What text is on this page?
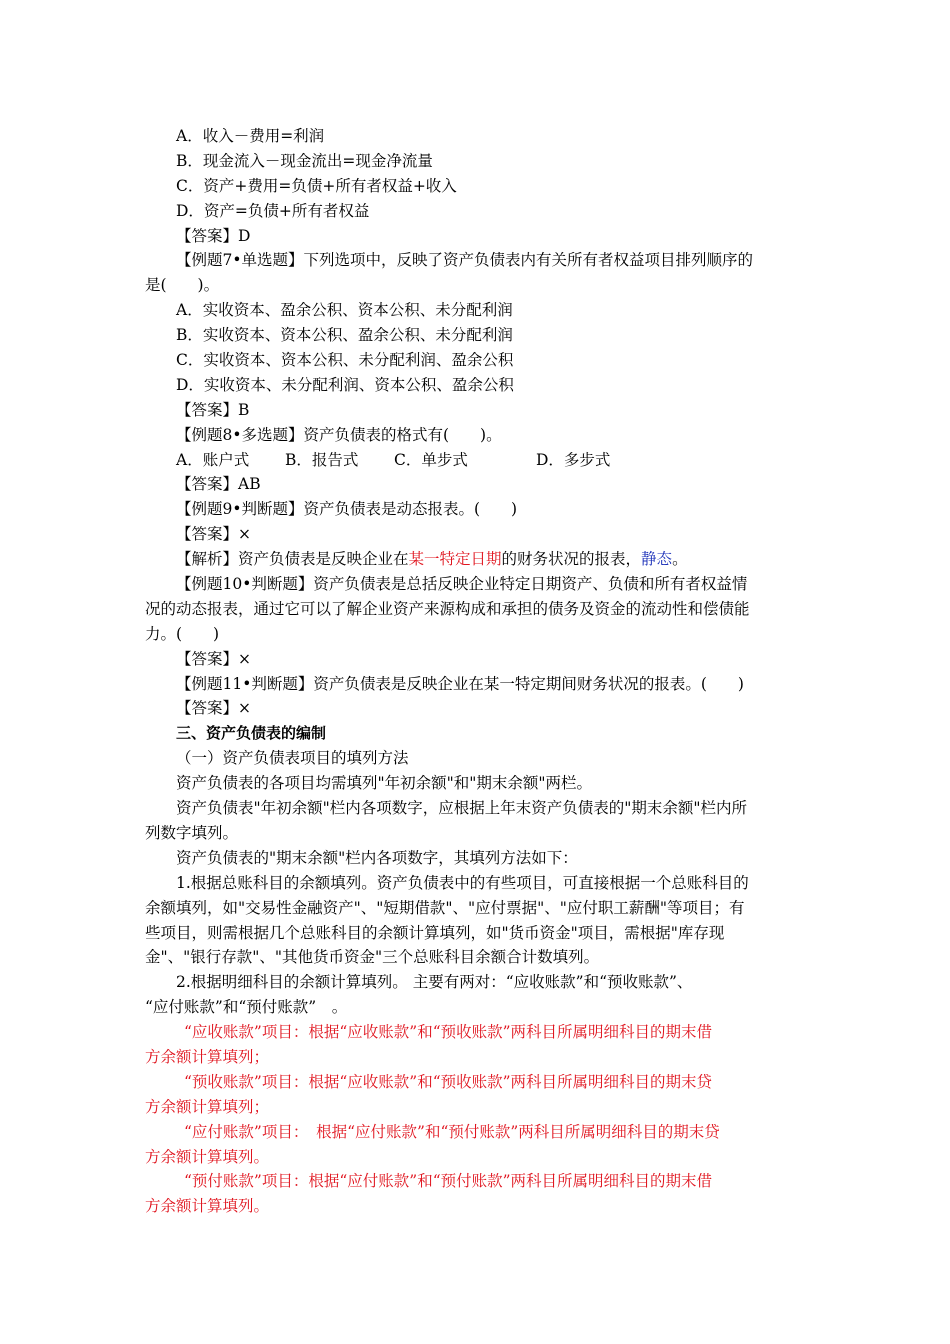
A．收入－费用=利润
B．现金流入－现金流出=现金净流量
C．资产+费用=负债+所有者权益+收入
D．资产=负债+所有者权益
【答案】D
【例题7•单选题】下列选项中，反映了资产负债表内有关所有者权益项目排列顺序的
是(　　)。
A．实收资本、盈余公积、资本公积、未分配利润
B．实收资本、资本公积、盈余公积、未分配利润
C．实收资本、资本公积、未分配利润、盈余公积
D．实收资本、未分配利润、资本公积、盈余公积
【答案】B
【例题8•多选题】资产负债表的格式有(　　)。
A．账户式 B．报告式 C．单步式	D．多步式
【答案】AB
【例题9•判断题】资产负债表是动态报表。(　　)
【答案】×
【解析】资产负债表是反映企业在某一特定日期的财务状况的报表，静态。
【例题10•判断题】资产负债表是总括反映企业特定日期资产、负债和所有者权益情
况的动态报表，通过它可以了解企业资产来源构成和承担的债务及资金的流动性和偿债能
力。(　　)
【答案】×
【例题11•判断题】资产负债表是反映企业在某一特定期间财务状况的报表。(　　)
【答案】×
三、资产负债表的编制
（一）资产负债表项目的填列方法
资产负债表的各项目均需填列"年初余额"和"期末余额"两栏。
资产负债表"年初余额"栏内各项数字，应根据上年末资产负债表的"期末余额"栏内所
列数字填列。
资产负债表的"期末余额"栏内各项数字，其填列方法如下：
1.根据总账科目的余额填列。资产负债表中的有些项目，可直接根据一个总账科目的
余额填列，如"交易性金融资产"、"短期借款"、"应付票据"、"应付职工薪酬"等项目；有
些项目，则需根据几个总账科目的余额计算填列，如"货币资金"项目，需根据"库存现
金"、"银行存款"、"其他货币资金"三个总账科目余额合计数填列。
2.根据明细科目的余额计算填列。 主要有两对：“应收账款”和“预收账款”、
“应付账款”和“预付账款”　。
“应收账款”项目：根据“应收账款”和“预收账款”两科目所属明细科目的期末借
方余额计算填列；
“预收账款”项目：根据“应收账款”和“预收账款”两科目所属明细科目的期末贷
方余额计算填列；
“应付账款”项目：　根据“应付账款”和“预付账款”两科目所属明细科目的期末贷
方余额计算填列。
“预付账款”项目：根据“应付账款”和“预付账款”两科目所属明细科目的期末借
方余额计算填列。
